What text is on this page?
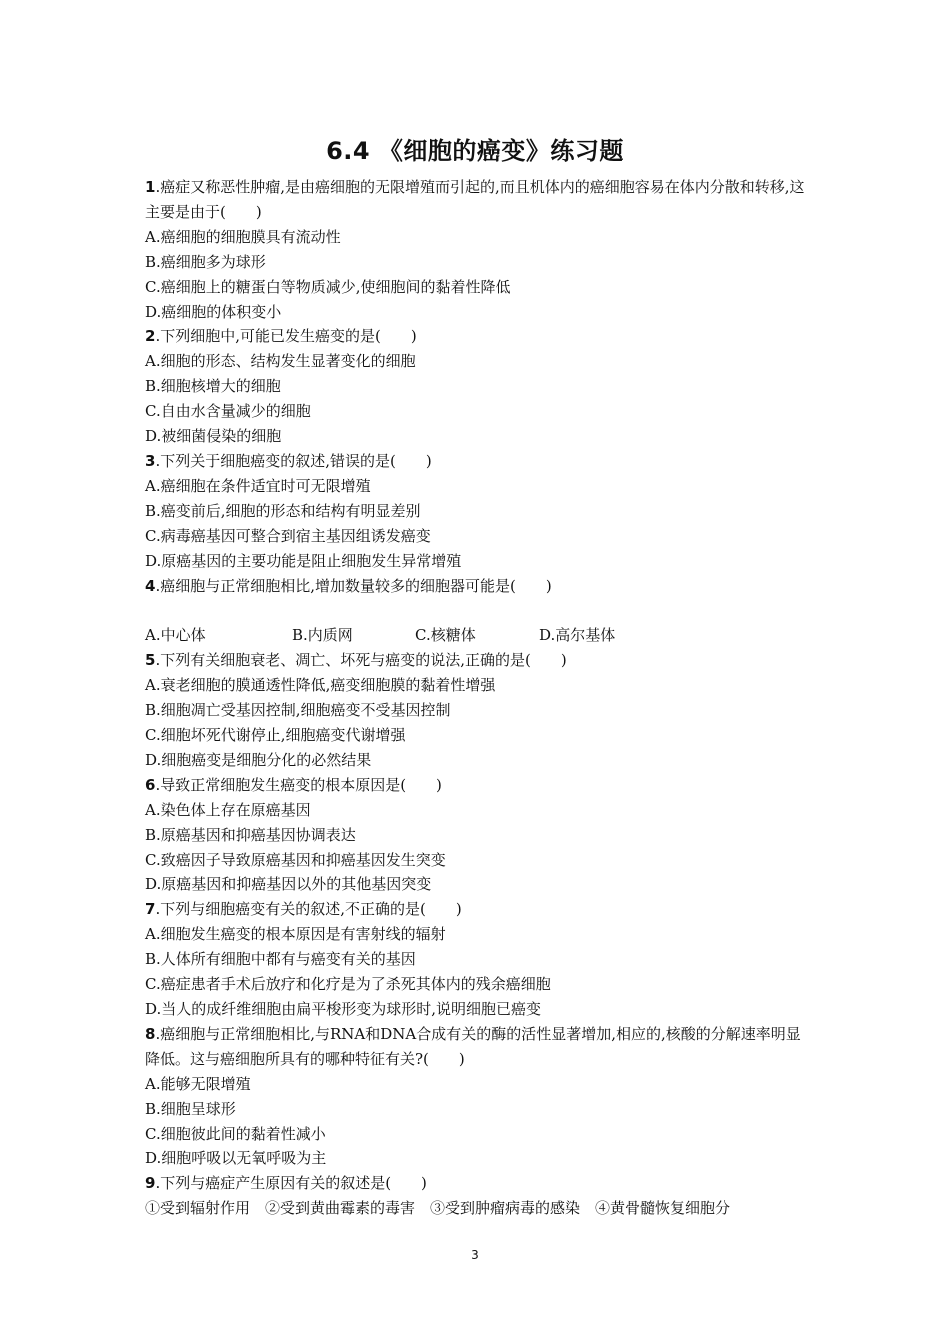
6.4 《细胞的癌变》练习题
1.癌症又称恶性肿瘤,是由癌细胞的无限增殖而引起的,而且机体内的癌细胞容易在体内分散和转移,这主要是由于(　　)
A.癌细胞的细胞膜具有流动性
B.癌细胞多为球形
C.癌细胞上的糖蛋白等物质减少,使细胞间的黏着性降低
D.癌细胞的体积变小
2.下列细胞中,可能已发生癌变的是(　　)
A.细胞的形态、结构发生显著变化的细胞
B.细胞核增大的细胞
C.自由水含量减少的细胞
D.被细菌侵染的细胞
3.下列关于细胞癌变的叙述,错误的是(　　)
A.癌细胞在条件适宜时可无限增殖
B.癌变前后,细胞的形态和结构有明显差别
C.病毒癌基因可整合到宿主基因组诱发癌变
D.原癌基因的主要功能是阻止细胞发生异常增殖
4.癌细胞与正常细胞相比,增加数量较多的细胞器可能是(　　)
A.中心体	B.内质网	C.核糖体	D.高尔基体
5.下列有关细胞衰老、凋亡、坏死与癌变的说法,正确的是(　　)
A.衰老细胞的膜通透性降低,癌变细胞膜的黏着性增强
B.细胞凋亡受基因控制,细胞癌变不受基因控制
C.细胞坏死代谢停止,细胞癌变代谢增强
D.细胞癌变是细胞分化的必然结果
6.导致正常细胞发生癌变的根本原因是(　　)
A.染色体上存在原癌基因
B.原癌基因和抑癌基因协调表达
C.致癌因子导致原癌基因和抑癌基因发生突变
D.原癌基因和抑癌基因以外的其他基因突变
7.下列与细胞癌变有关的叙述,不正确的是(　　)
A.细胞发生癌变的根本原因是有害射线的辐射
B.人体所有细胞中都有与癌变有关的基因
C.癌症患者手术后放疗和化疗是为了杀死其体内的残余癌细胞
D.当人的成纤维细胞由扁平梭形变为球形时,说明细胞已癌变
8.癌细胞与正常细胞相比,与RNA和DNA合成有关的酶的活性显著增加,相应的,核酸的分解速率明显降低。这与癌细胞所具有的哪种特征有关?(　　)
A.能够无限增殖
B.细胞呈球形
C.细胞彼此间的黏着性减小
D.细胞呼吸以无氧呼吸为主
9.下列与癌症产生原因有关的叙述是(　　)
①受到辐射作用　②受到黄曲霉素的毒害　③受到肿瘤病毒的感染　④黄骨髓恢复细胞分
3
